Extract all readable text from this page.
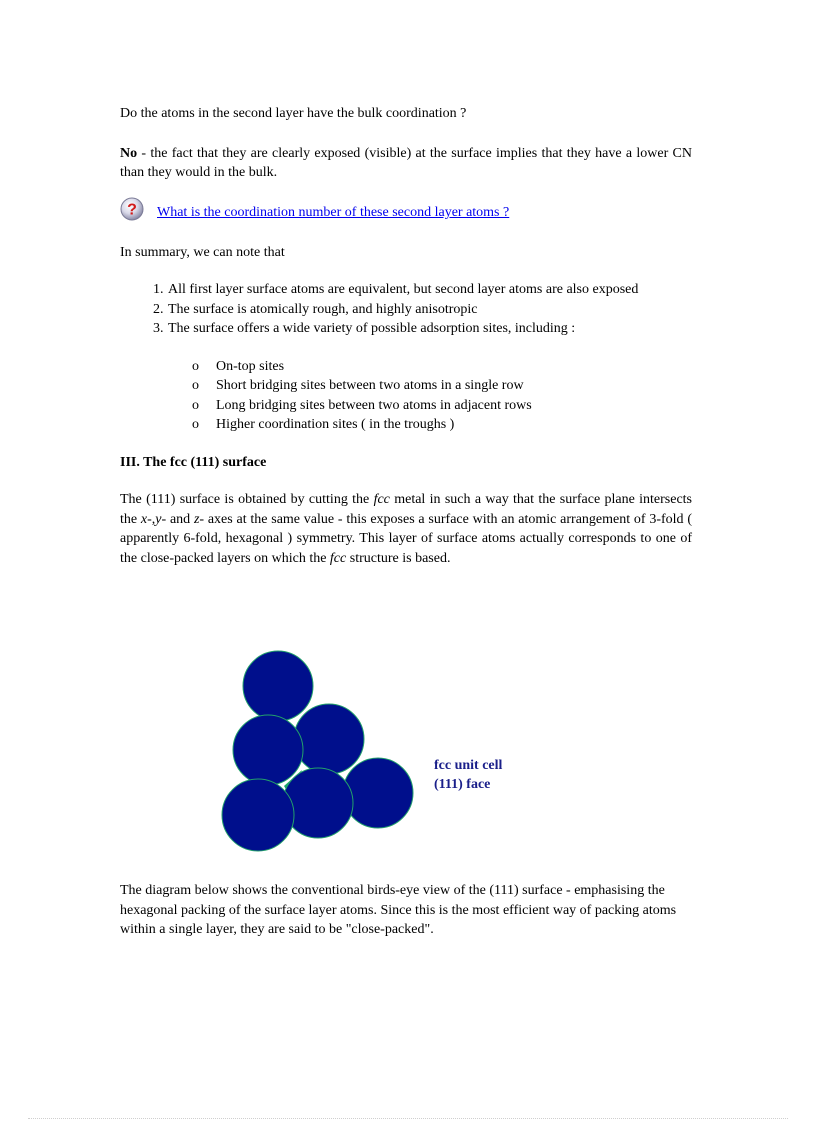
Do the atoms in the second layer have the bulk coordination ?

No - the fact that they are clearly exposed (visible) at the surface implies that they have a lower CN than they would in the bulk.

? What is the coordination number of these second layer atoms ?

In summary, we can note that

1. All first layer surface atoms are equivalent, but second layer atoms are also exposed
2. The surface is atomically rough, and highly anisotropic
3. The surface offers a wide variety of possible adsorption sites, including :
o On-top sites
o Short bridging sites between two atoms in a single row
o Long bridging sites between two atoms in adjacent rows
o Higher coordination sites ( in the troughs )
III. The fcc (111) surface

The (111) surface is obtained by cutting the fcc metal in such a way that the surface plane intersects the x-,y- and z- axes at the same value - this exposes a surface with an atomic arrangement of 3-fold ( apparently 6-fold, hexagonal ) symmetry. This layer of surface atoms actually corresponds to one of the close-packed layers on which the fcc structure is based.

fcc unit cell
(111) face

The diagram below shows the conventional birds-eye view of the (111) surface - emphasising the hexagonal packing of the surface layer atoms. Since this is the most efficient way of packing atoms within a single layer, they are said to be "close-packed".
